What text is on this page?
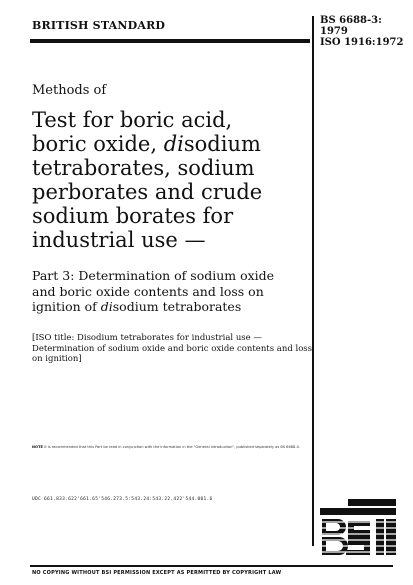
BRITISH STANDARD	BS 6688-3:
1979
ISO 1916:1972
Methods of
Test for boric acid,
boric oxide, disodium
tetraborates, sodium
perborates and crude
sodium borates for
industrial use —
Part 3: Determination of sodium oxide
and boric oxide contents and loss on
ignition of disodium tetraborates
[ISO title: Disodium tetraborates for industrial use —
Determination of sodium oxide and boric oxide contents and loss
on ignition]
NOTE It is recommended that this Part be read in conjunction with the information in the "General introduction", published separately as BS 6688-0.
UDC 661.833.622'661.65'546.273.5:543.24:543.22.422'544.001.6
NO COPYING WITHOUT BSI PERMISSION EXCEPT AS PERMITTED BY COPYRIGHT LAW
